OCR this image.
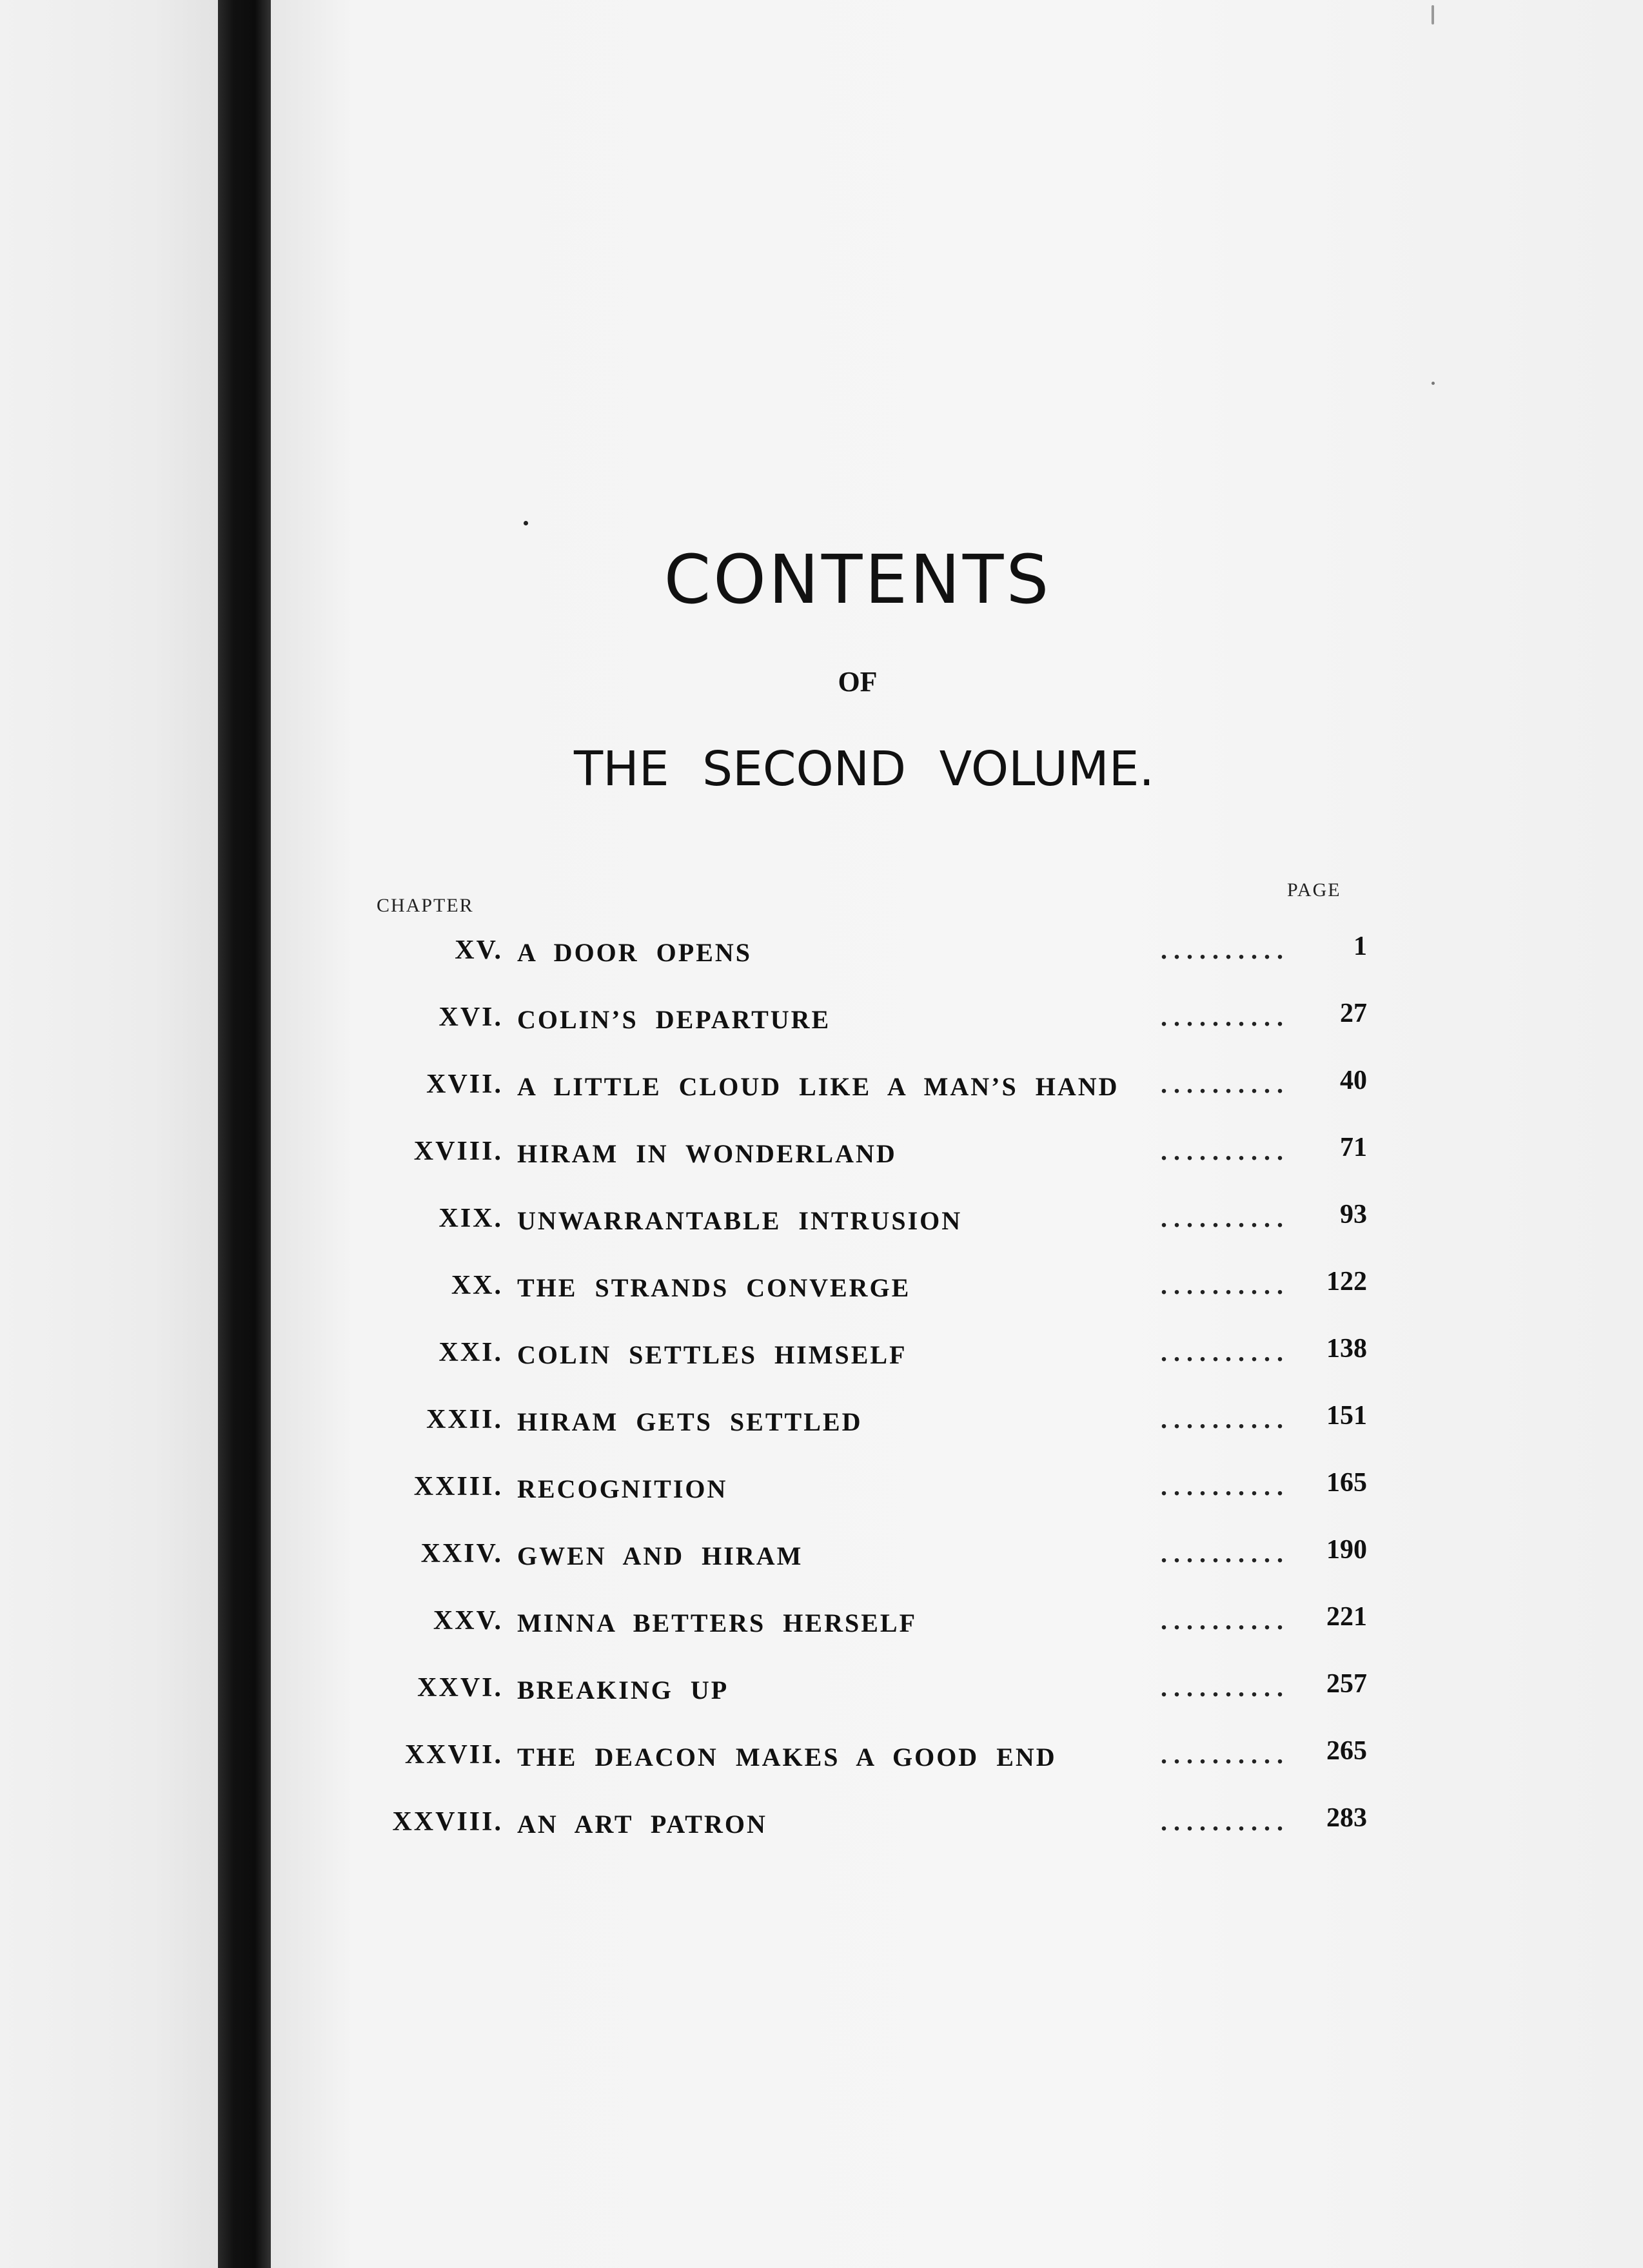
CONTENTS
OF
THE SECOND VOLUME.
CHAPTER
PAGE
XV. A DOOR OPENS	. . . . . . . . . .	1
XVI. COLIN’S DEPARTURE	. . . . . . . . . .	27
XVII. A LITTLE CLOUD LIKE A MAN’S HAND	. . . . . . . . . .	40
XVIII. HIRAM IN WONDERLAND	. . . . . . . . . .	71
XIX. UNWARRANTABLE INTRUSION	. . . . . . . . . .	93
XX. THE STRANDS CONVERGE	. . . . . . . . . .	122
XXI. COLIN SETTLES HIMSELF	. . . . . . . . . .	138
XXII. HIRAM GETS SETTLED	. . . . . . . . . .	151
XXIII. RECOGNITION	. . . . . . . . . .	165
XXIV. GWEN AND HIRAM	. . . . . . . . . .	190
XXV. MINNA BETTERS HERSELF	. . . . . . . . . .	221
XXVI. BREAKING UP	. . . . . . . . . .	257
XXVII. THE DEACON MAKES A GOOD END	. . . . . . . . . .	265
XXVIII. AN ART PATRON	. . . . . . . . . .	283
